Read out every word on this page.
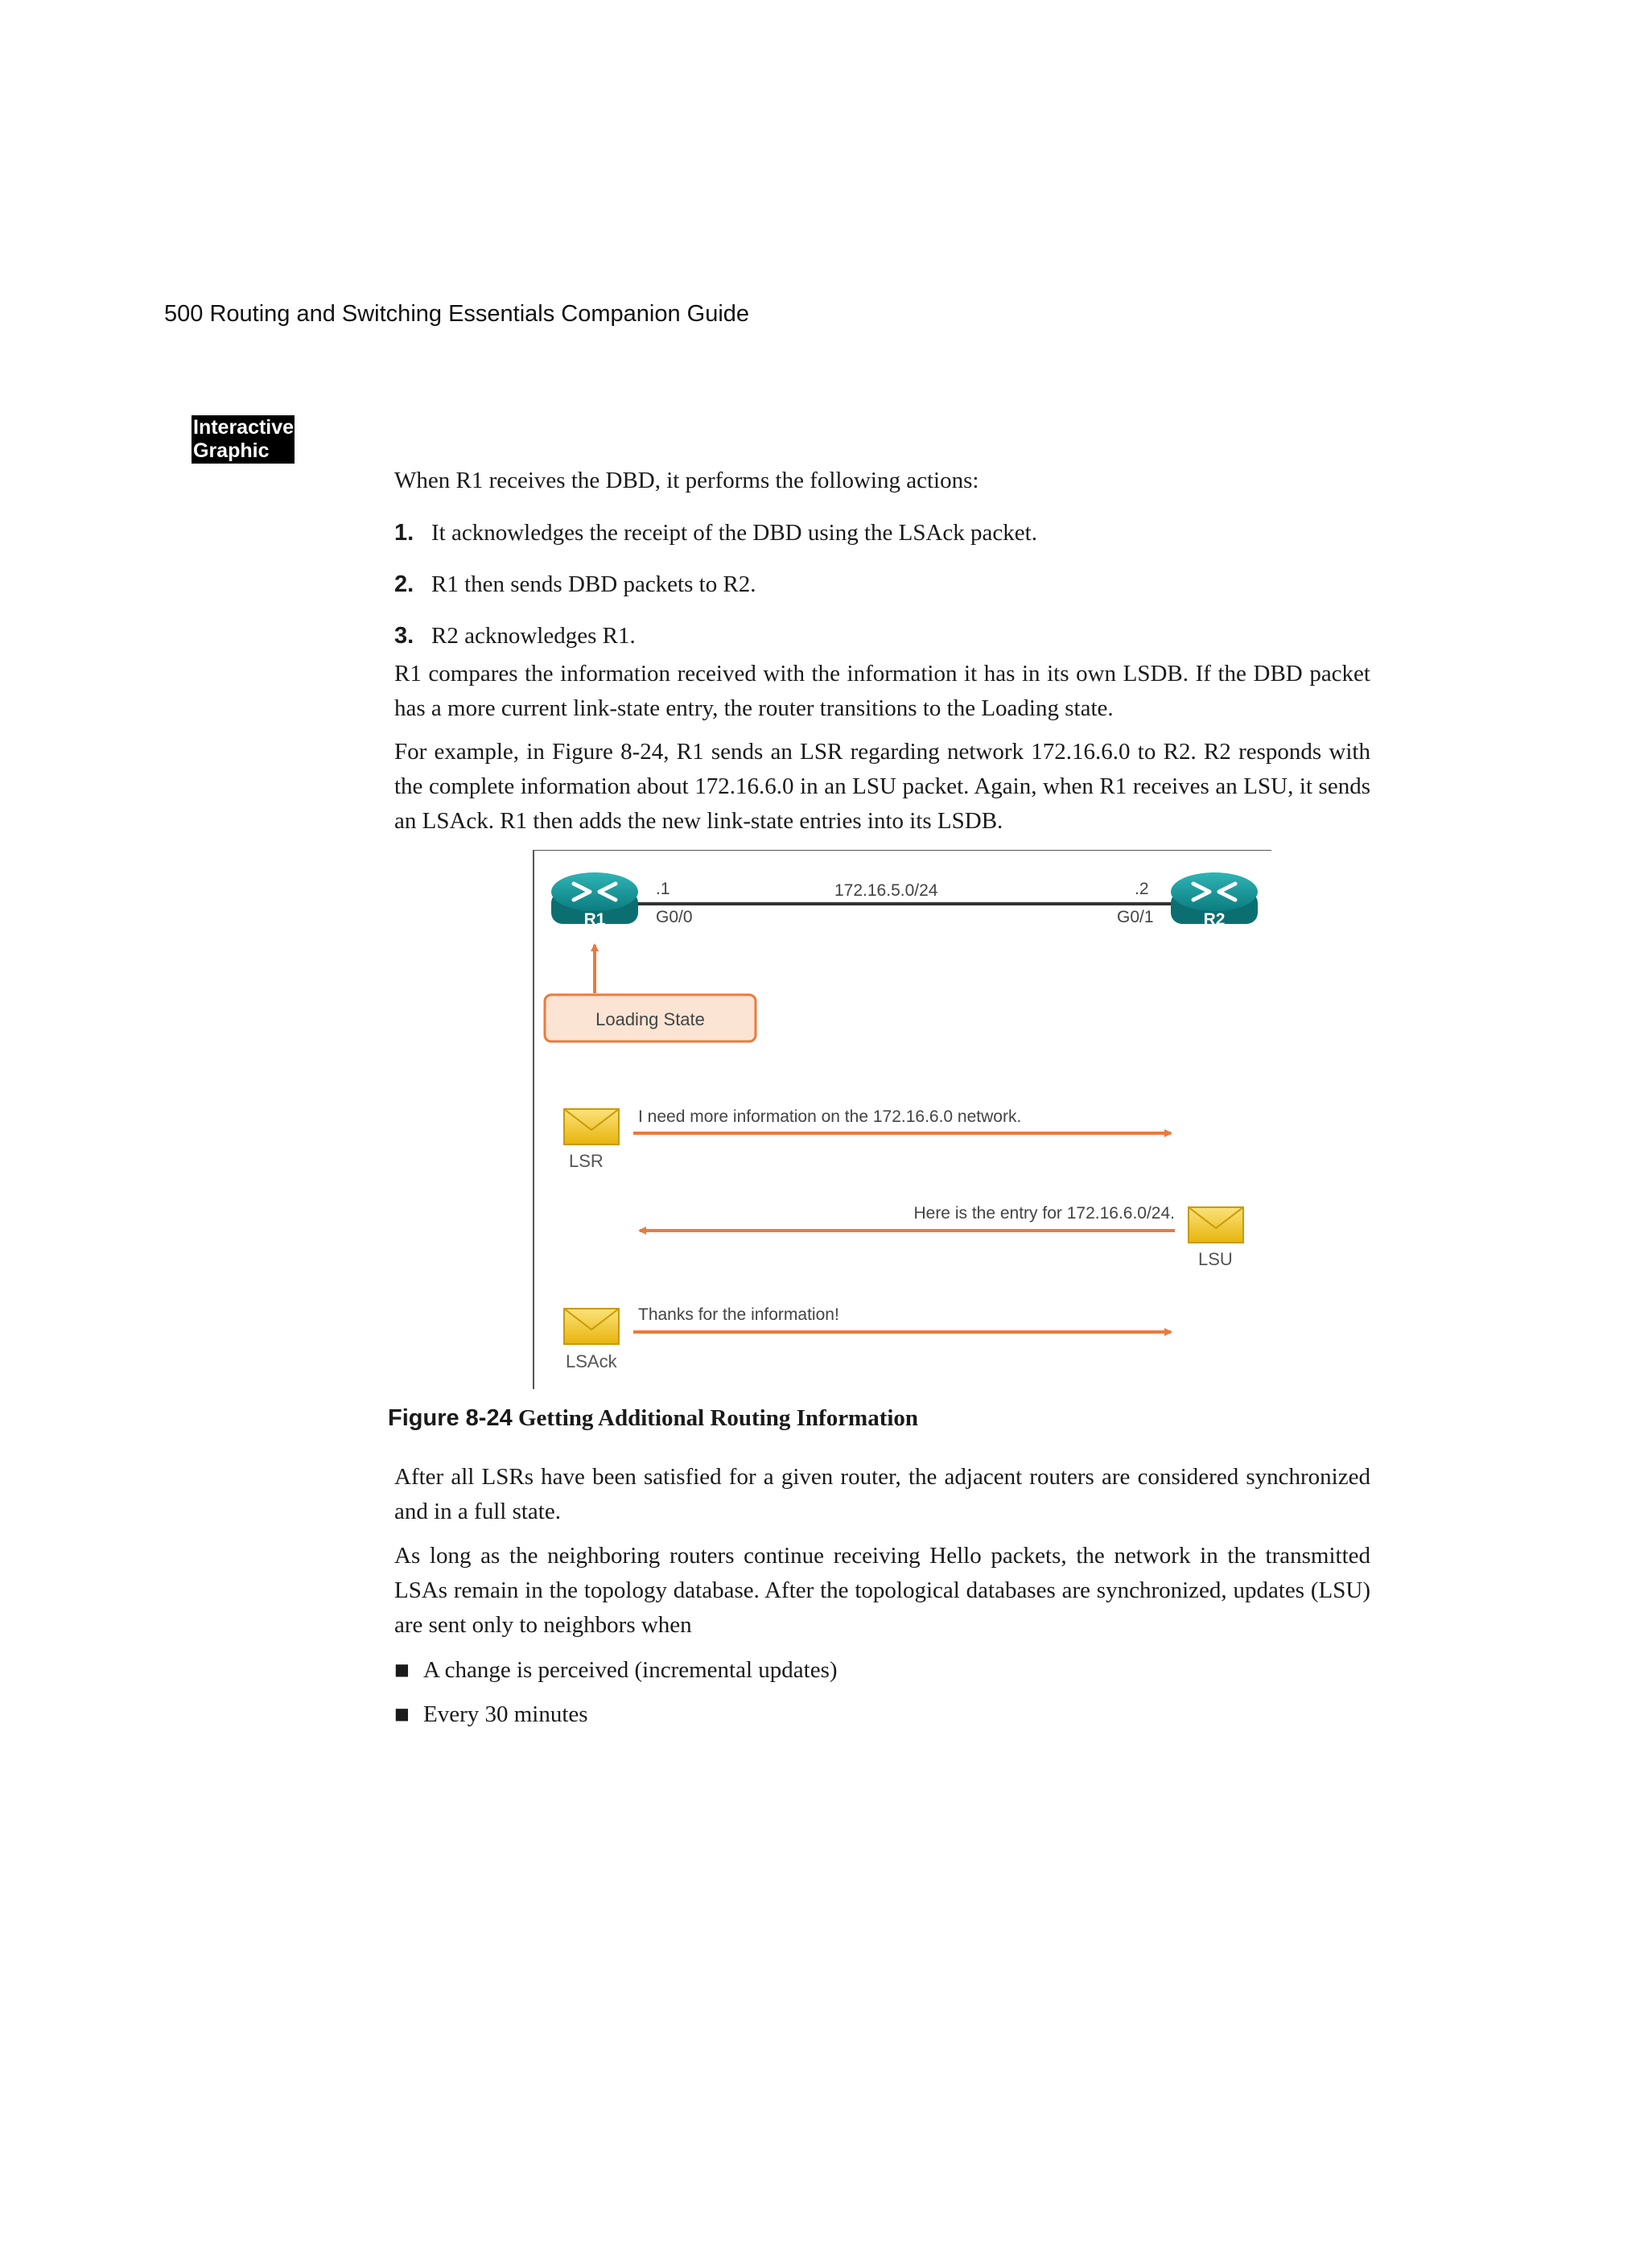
500 Routing and Switching Essentials Companion Guide
Interactive
Graphic

When R1 receives the DBD, it performs the following actions:

1. It acknowledges the receipt of the DBD using the LSAck packet.

2. R1 then sends DBD packets to R2.

3. R2 acknowledges R1.

R1 compares the information received with the information it has in its own LSDB. If the DBD packet has a more current link-state entry, the router transitions to the Loading state.

For example, in Figure 8-24, R1 sends an LSR regarding network 172.16.6.0 to R2. R2 responds with the complete information about 172.16.6.0 in an LSU packet. Again, when R1 receives an LSU, it sends an LSAck. R1 then adds the new link-state entries into its LSDB.

172.16.5.0/24
.1	.2
G0/0	G0/1
R1	R2
Loading State
LSR
I need more information on the 172.16.6.0 network.
Here is the entry for 172.16.6.0/24.
LSU
LSAck
Thanks for the information!
Figure 8-24 Getting Additional Routing Information

After all LSRs have been satisfied for a given router, the adjacent routers are considered synchronized and in a full state.

As long as the neighboring routers continue receiving Hello packets, the network in the transmitted LSAs remain in the topology database. After the topological databases are synchronized, updates (LSU) are sent only to neighbors when

■ A change is perceived (incremental updates)

■ Every 30 minutes
